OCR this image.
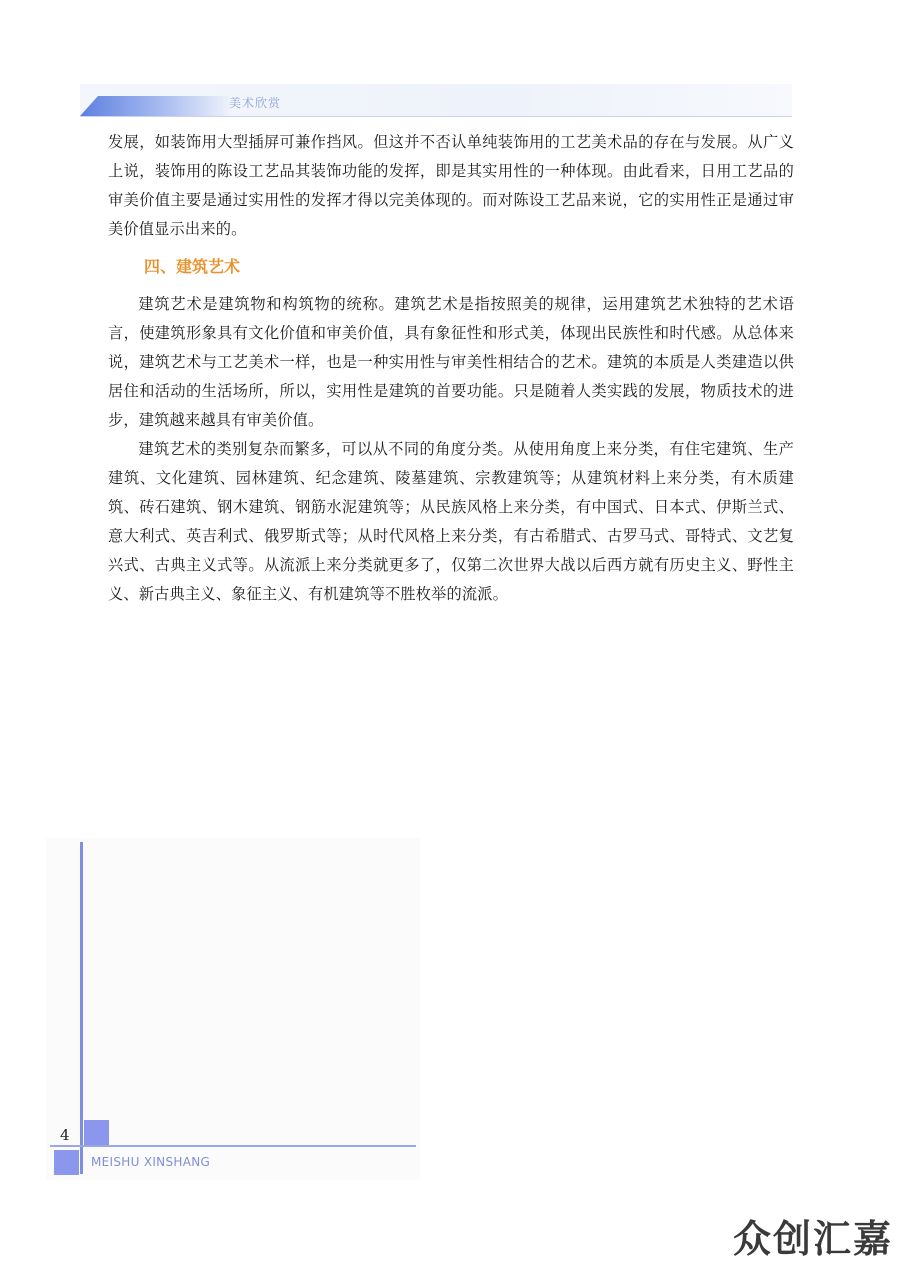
美术欣赏

发展，如装饰用大型插屏可兼作挡风。但这并不否认单纯装饰用的工艺美术品的存在与发展。从广义上说，装饰用的陈设工艺品其装饰功能的发挥，即是其实用性的一种体现。由此看来，日用工艺品的审美价值主要是通过实用性的发挥才得以完美体现的。而对陈设工艺品来说，它的实用性正是通过审美价值显示出来的。

四、建筑艺术

建筑艺术是建筑物和构筑物的统称。建筑艺术是指按照美的规律，运用建筑艺术独特的艺术语言，使建筑形象具有文化价值和审美价值，具有象征性和形式美，体现出民族性和时代感。从总体来说，建筑艺术与工艺美术一样，也是一种实用性与审美性相结合的艺术。建筑的本质是人类建造以供居住和活动的生活场所，所以，实用性是建筑的首要功能。只是随着人类实践的发展，物质技术的进步，建筑越来越具有审美价值。

建筑艺术的类别复杂而繁多，可以从不同的角度分类。从使用角度上来分类，有住宅建筑、生产建筑、文化建筑、园林建筑、纪念建筑、陵墓建筑、宗教建筑等；从建筑材料上来分类，有木质建筑、砖石建筑、钢木建筑、钢筋水泥建筑等；从民族风格上来分类，有中国式、日本式、伊斯兰式、意大利式、英吉利式、俄罗斯式等；从时代风格上来分类，有古希腊式、古罗马式、哥特式、文艺复兴式、古典主义式等。从流派上来分类就更多了，仅第二次世界大战以后西方就有历史主义、野性主义、新古典主义、象征主义、有机建筑等不胜枚举的流派。

4
MEISHU XINSHANG
众创汇嘉
